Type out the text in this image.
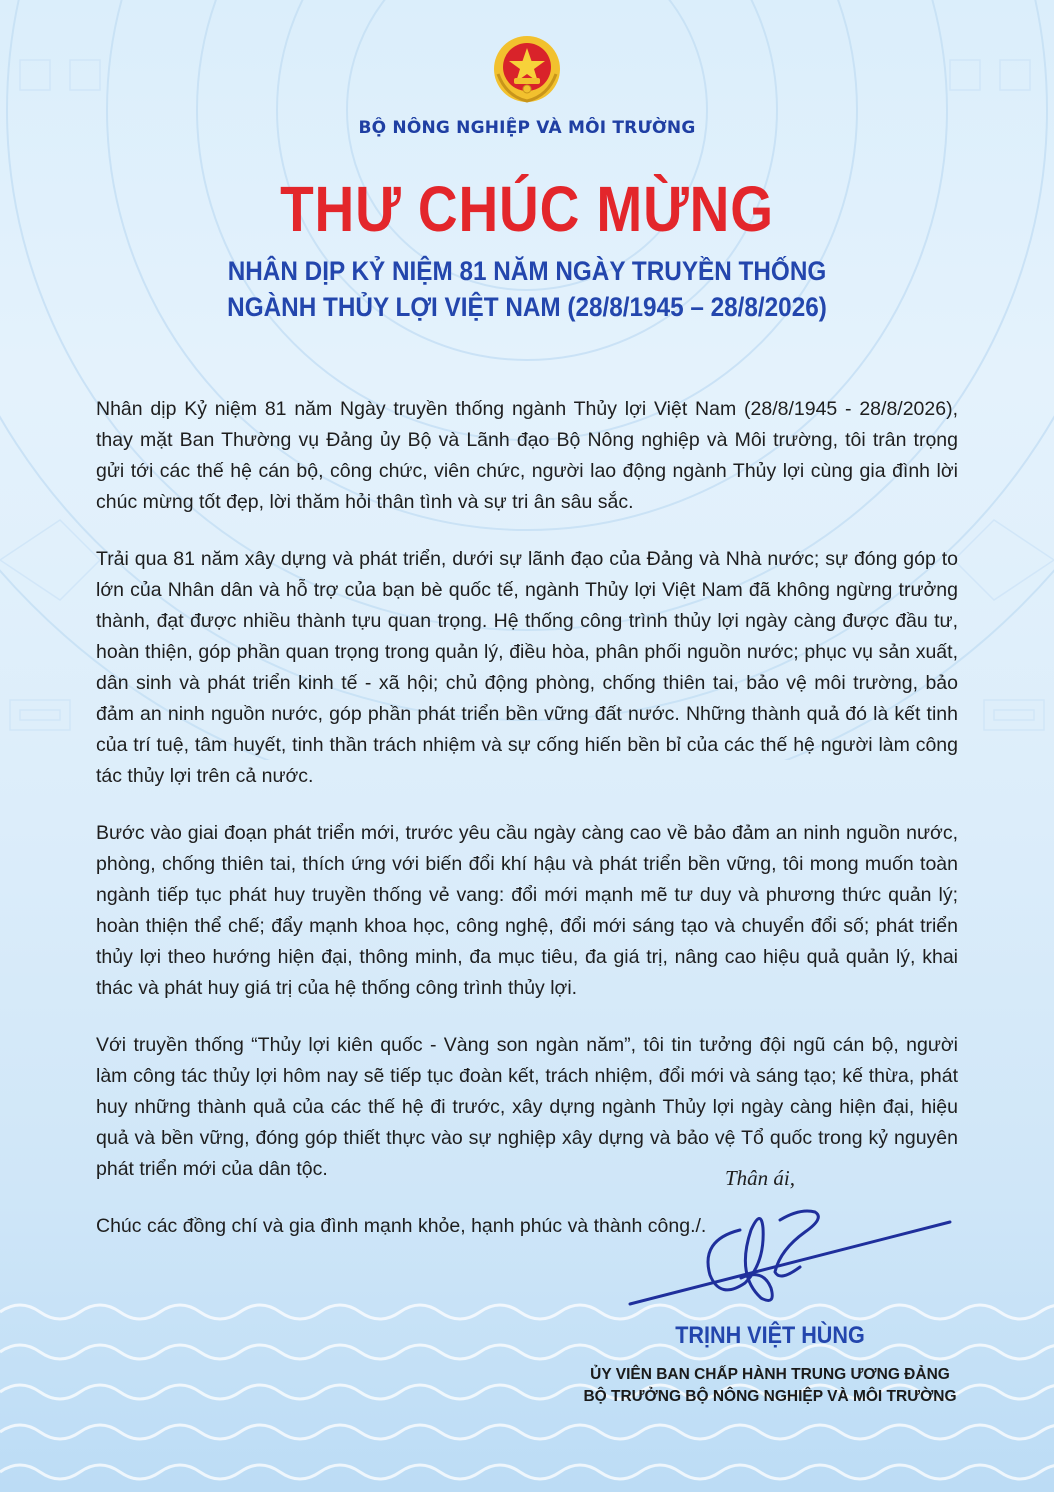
BỘ NÔNG NGHIỆP VÀ MÔI TRƯỜNG
THƯ CHÚC MỪNG
NHÂN DỊP KỶ NIỆM 81 NĂM NGÀY TRUYỀN THỐNG
NGÀNH THỦY LỢI VIỆT NAM (28/8/1945 – 28/8/2026)

Nhân dịp Kỷ niệm 81 năm Ngày truyền thống ngành Thủy lợi Việt Nam (28/8/1945 - 28/8/2026), thay mặt Ban Thường vụ Đảng ủy Bộ và Lãnh đạo Bộ Nông nghiệp và Môi trường, tôi trân trọng gửi tới các thế hệ cán bộ, công chức, viên chức, người lao động ngành Thủy lợi cùng gia đình lời chúc mừng tốt đẹp, lời thăm hỏi thân tình và sự tri ân sâu sắc.

Trải qua 81 năm xây dựng và phát triển, dưới sự lãnh đạo của Đảng và Nhà nước; sự đóng góp to lớn của Nhân dân và hỗ trợ của bạn bè quốc tế, ngành Thủy lợi Việt Nam đã không ngừng trưởng thành, đạt được nhiều thành tựu quan trọng. Hệ thống công trình thủy lợi ngày càng được đầu tư, hoàn thiện, góp phần quan trọng trong quản lý, điều hòa, phân phối nguồn nước; phục vụ sản xuất, dân sinh và phát triển kinh tế - xã hội; chủ động phòng, chống thiên tai, bảo vệ môi trường, bảo đảm an ninh nguồn nước, góp phần phát triển bền vững đất nước. Những thành quả đó là kết tinh của trí tuệ, tâm huyết, tinh thần trách nhiệm và sự cống hiến bền bỉ của các thế hệ người làm công tác thủy lợi trên cả nước.

Bước vào giai đoạn phát triển mới, trước yêu cầu ngày càng cao về bảo đảm an ninh nguồn nước, phòng, chống thiên tai, thích ứng với biến đổi khí hậu và phát triển bền vững, tôi mong muốn toàn ngành tiếp tục phát huy truyền thống vẻ vang: đổi mới mạnh mẽ tư duy và phương thức quản lý; hoàn thiện thể chế; đẩy mạnh khoa học, công nghệ, đổi mới sáng tạo và chuyển đổi số; phát triển thủy lợi theo hướng hiện đại, thông minh, đa mục tiêu, đa giá trị, nâng cao hiệu quả quản lý, khai thác và phát huy giá trị của hệ thống công trình thủy lợi.

Với truyền thống “Thủy lợi kiên quốc - Vàng son ngàn năm”, tôi tin tưởng đội ngũ cán bộ, người làm công tác thủy lợi hôm nay sẽ tiếp tục đoàn kết, trách nhiệm, đổi mới và sáng tạo; kế thừa, phát huy những thành quả của các thế hệ đi trước, xây dựng ngành Thủy lợi ngày càng hiện đại, hiệu quả và bền vững, đóng góp thiết thực vào sự nghiệp xây dựng và bảo vệ Tổ quốc trong kỷ nguyên phát triển mới của dân tộc.

Chúc các đồng chí và gia đình mạnh khỏe, hạnh phúc và thành công./.

Thân ái,
TRỊNH VIỆT HÙNG
ỦY VIÊN BAN CHẤP HÀNH TRUNG ƯƠNG ĐẢNG
BỘ TRƯỞNG BỘ NÔNG NGHIỆP VÀ MÔI TRƯỜNG
